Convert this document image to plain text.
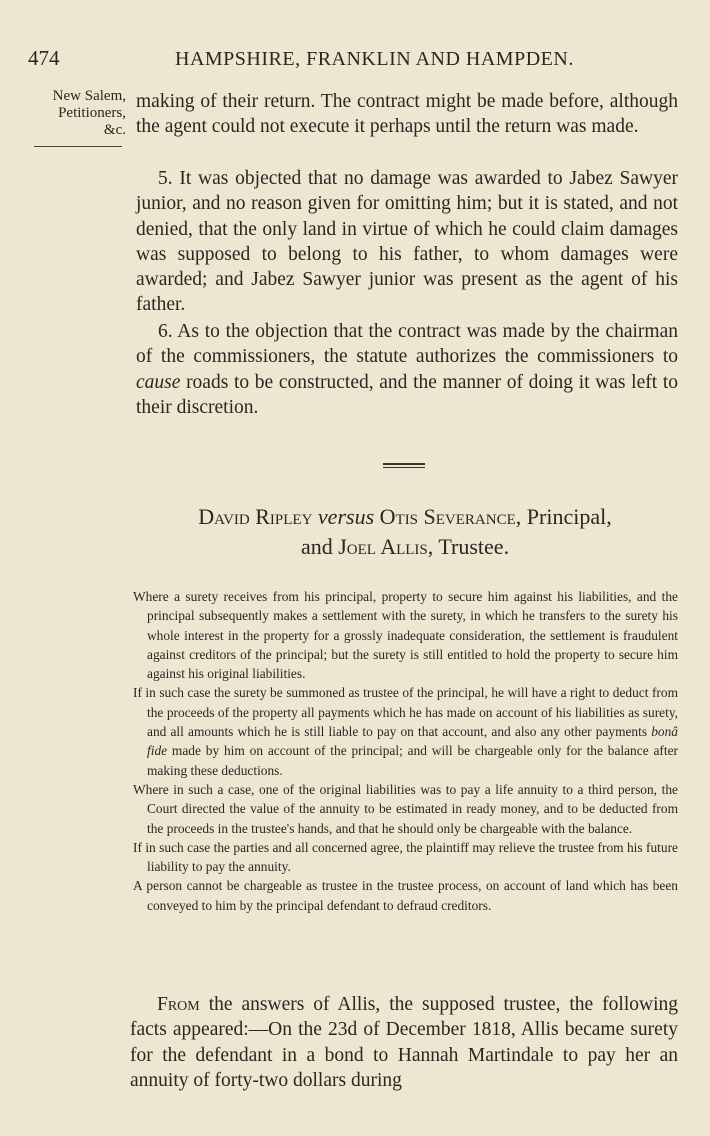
474	HAMPSHIRE, FRANKLIN AND HAMPDEN.
New Salem,
Petitioners,
&c.

making of their return. The contract might be made before, although the agent could not execute it perhaps until the return was made.

5. It was objected that no damage was awarded to Jabez Sawyer junior, and no reason given for omitting him; but it is stated, and not denied, that the only land in virtue of which he could claim damages was supposed to belong to his father, to whom damages were awarded; and Jabez Sawyer junior was present as the agent of his father.

6. As to the objection that the contract was made by the chairman of the commissioners, the statute authorizes the commissioners to cause roads to be constructed, and the manner of doing it was left to their discretion.

David Ripley versus Otis Severance, Principal,
and Joel Allis, Trustee.

Where a surety receives from his principal, property to secure him against his liabilities, and the principal subsequently makes a settlement with the surety, in which he transfers to the surety his whole interest in the property for a grossly inadequate consideration, the settlement is fraudulent against creditors of the principal; but the surety is still entitled to hold the property to secure him against his original liabilities.

If in such case the surety be summoned as trustee of the principal, he will have a right to deduct from the proceeds of the property all payments which he has made on account of his liabilities as surety, and all amounts which he is still liable to pay on that account, and also any other payments bonâ fide made by him on account of the principal; and will be chargeable only for the balance after making these deductions.

Where in such a case, one of the original liabilities was to pay a life annuity to a third person, the Court directed the value of the annuity to be estimated in ready money, and to be deducted from the proceeds in the trustee's hands, and that he should only be chargeable with the balance.

If in such case the parties and all concerned agree, the plaintiff may relieve the trustee from his future liability to pay the annuity.

A person cannot be chargeable as trustee in the trustee process, on account of land which has been conveyed to him by the principal defendant to defraud creditors.

From the answers of Allis, the supposed trustee, the following facts appeared:—On the 23d of December 1818, Allis became surety for the defendant in a bond to Hannah Martindale to pay her an annuity of forty-two dollars during
